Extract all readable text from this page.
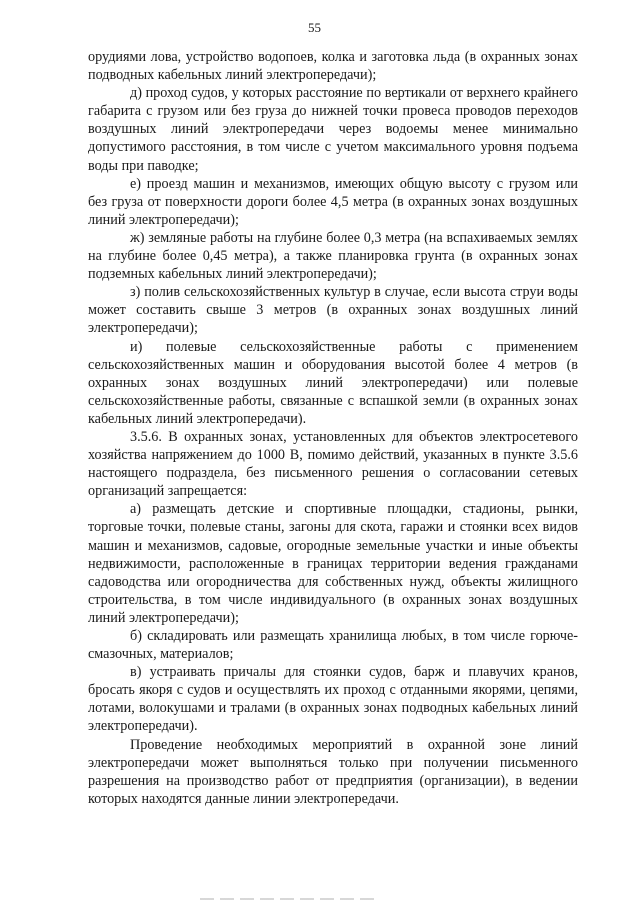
55

орудиями лова, устройство водопоев, колка и заготовка льда (в охранных зонах подводных кабельных линий электропередачи);

д) проход судов, у которых расстояние по вертикали от верхнего крайнего габарита с грузом или без груза до нижней точки провеса проводов переходов воздушных линий электропередачи через водоемы менее минимально допустимого расстояния, в том числе с учетом максимального уровня подъема воды при паводке;

е) проезд машин и механизмов, имеющих общую высоту с грузом или без груза от поверхности дороги более 4,5 метра (в охранных зонах воздушных линий электропередачи);

ж) земляные работы на глубине более 0,3 метра (на вспахиваемых землях на глубине более 0,45 метра), а также планировка грунта (в охранных зонах подземных кабельных линий электропередачи);

з) полив сельскохозяйственных культур в случае, если высота струи воды может составить свыше 3 метров (в охранных зонах воздушных линий электропередачи);

и) полевые сельскохозяйственные работы с применением сельскохозяйственных машин и оборудования высотой более 4 метров (в охранных зонах воздушных линий электропередачи) или полевые сельскохозяйственные работы, связанные с вспашкой земли (в охранных зонах кабельных линий электропередачи).

3.5.6. В охранных зонах, установленных для объектов электросетевого хозяйства напряжением до 1000 В, помимо действий, указанных в пункте 3.5.6 настоящего подраздела, без письменного решения о согласовании сетевых организаций запрещается:

а) размещать детские и спортивные площадки, стадионы, рынки, торговые точки, полевые станы, загоны для скота, гаражи и стоянки всех видов машин и механизмов, садовые, огородные земельные участки и иные объекты недвижимости, расположенные в границах территории ведения гражданами садоводства или огородничества для собственных нужд, объекты жилищного строительства, в том числе индивидуального (в охранных зонах воздушных линий электропередачи);

б) складировать или размещать хранилища любых, в том числе горюче-смазочных, материалов;

в) устраивать причалы для стоянки судов, барж и плавучих кранов, бросать якоря с судов и осуществлять их проход с отданными якорями, цепями, лотами, волокушами и тралами (в охранных зонах подводных кабельных линий электропередачи).

Проведение необходимых мероприятий в охранной зоне линий электропередачи может выполняться только при получении письменного разрешения на производство работ от предприятия (организации), в ведении которых находятся данные линии электропередачи.
